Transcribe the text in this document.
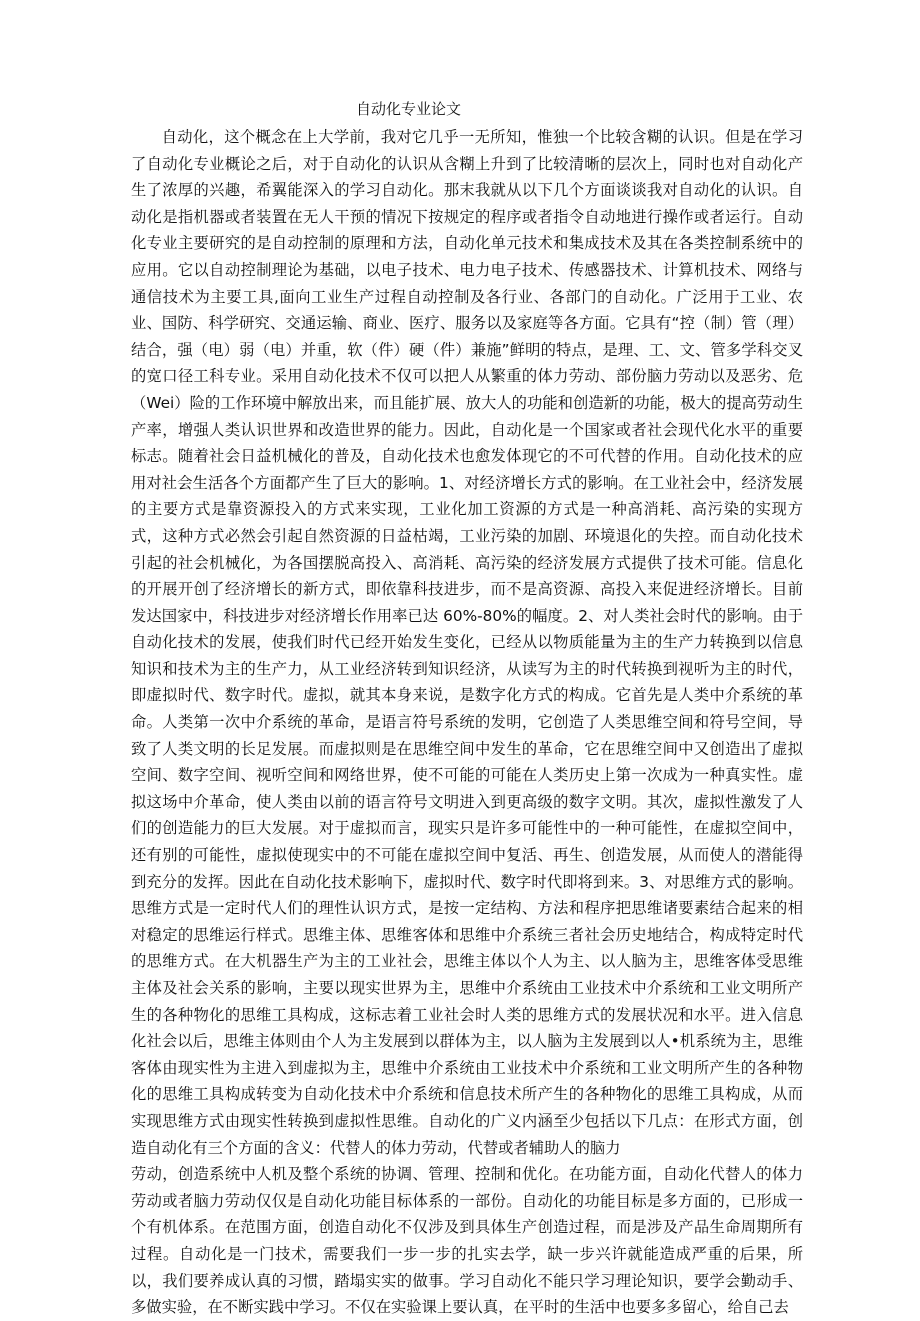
自动化专业论文

自动化，这个概念在上大学前，我对它几乎一无所知，惟独一个比较含糊的认识。但是在学习了自动化专业概论之后，对于自动化的认识从含糊上升到了比较清晰的层次上，同时也对自动化产生了浓厚的兴趣，希翼能深入的学习自动化。那末我就从以下几个方面谈谈我对自动化的认识。自动化是指机器或者装置在无人干预的情况下按规定的程序或者指令自动地进行操作或者运行。自动化专业主要研究的是自动控制的原理和方法，自动化单元技术和集成技术及其在各类控制系统中的应用。它以自动控制理论为基础，以电子技术、电力电子技术、传感器技术、计算机技术、网络与通信技术为主要工具,面向工业生产过程自动控制及各行业、各部门的自动化。广泛用于工业、农业、国防、科学研究、交通运输、商业、医疗、服务以及家庭等各方面。它具有“控（制）管（理）结合，强（电）弱（电）并重，软（件）硬（件）兼施”鲜明的特点，是理、工、文、管多学科交叉的宽口径工科专业。采用自动化技术不仅可以把人从繁重的体力劳动、部份脑力劳动以及恶劣、危（Wei）险的工作环境中解放出来，而且能扩展、放大人的功能和创造新的功能，极大的提高劳动生产率，增强人类认识世界和改造世界的能力。因此，自动化是一个国家或者社会现代化水平的重要标志。随着社会日益机械化的普及，自动化技术也愈发体现它的不可代替的作用。自动化技术的应用对社会生活各个方面都产生了巨大的影响。1、对经济增长方式的影响。在工业社会中，经济发展的主要方式是靠资源投入的方式来实现，工业化加工资源的方式是一种高消耗、高污染的实现方式，这种方式必然会引起自然资源的日益枯竭，工业污染的加剧、环境退化的失控。而自动化技术引起的社会机械化，为各国摆脱高投入、高消耗、高污染的经济发展方式提供了技术可能。信息化的开展开创了经济增长的新方式，即依靠科技进步，而不是高资源、高投入来促进经济增长。目前发达国家中，科技进步对经济增长作用率已达 60%-80%的幅度。2、对人类社会时代的影响。由于自动化技术的发展，使我们时代已经开始发生变化，已经从以物质能量为主的生产力转换到以信息知识和技术为主的生产力，从工业经济转到知识经济，从读写为主的时代转换到视听为主的时代，即虚拟时代、数字时代。虚拟，就其本身来说，是数字化方式的构成。它首先是人类中介系统的革命。人类第一次中介系统的革命，是语言符号系统的发明，它创造了人类思维空间和符号空间，导致了人类文明的长足发展。而虚拟则是在思维空间中发生的革命，它在思维空间中又创造出了虚拟空间、数字空间、视听空间和网络世界，使不可能的可能在人类历史上第一次成为一种真实性。虚拟这场中介革命，使人类由以前的语言符号文明进入到更高级的数字文明。其次，虚拟性激发了人们的创造能力的巨大发展。对于虚拟而言，现实只是许多可能性中的一种可能性，在虚拟空间中，还有别的可能性，虚拟使现实中的不可能在虚拟空间中复活、再生、创造发展，从而使人的潜能得到充分的发挥。因此在自动化技术影响下，虚拟时代、数字时代即将到来。3、对思维方式的影响。思维方式是一定时代人们的理性认识方式，是按一定结构、方法和程序把思维诸要素结合起来的相对稳定的思维运行样式。思维主体、思维客体和思维中介系统三者社会历史地结合，构成特定时代的思维方式。在大机器生产为主的工业社会，思维主体以个人为主、以人脑为主，思维客体受思维主体及社会关系的影响，主要以现实世界为主，思维中介系统由工业技术中介系统和工业文明所产生的各种物化的思维工具构成，这标志着工业社会时人类的思维方式的发展状况和水平。进入信息化社会以后，思维主体则由个人为主发展到以群体为主，以人脑为主发展到以人•机系统为主，思维客体由现实性为主进入到虚拟为主，思维中介系统由工业技术中介系统和工业文明所产生的各种物化的思维工具构成转变为自动化技术中介系统和信息技术所产生的各种物化的思维工具构成，从而实现思维方式由现实性转换到虚拟性思维。自动化的广义内涵至少包括以下几点：在形式方面，创造自动化有三个方面的含义：代替人的体力劳动，代替或者辅助人的脑力

劳动，创造系统中人机及整个系统的协调、管理、控制和优化。在功能方面，自动化代替人的体力劳动或者脑力劳动仅仅是自动化功能目标体系的一部份。自动化的功能目标是多方面的，已形成一个有机体系。在范围方面，创造自动化不仅涉及到具体生产创造过程，而是涉及产品生命周期所有过程。自动化是一门技术，需要我们一步一步的扎实去学，缺一步兴许就能造成严重的后果，所以，我们要养成认真的习惯，踏塌实实的做事。学习自动化不能只学习理论知识，要学会勤动手、多做实验，在不断实践中学习。不仅在实验课上要认真，在平时的生活中也要多多留心，给自己去
